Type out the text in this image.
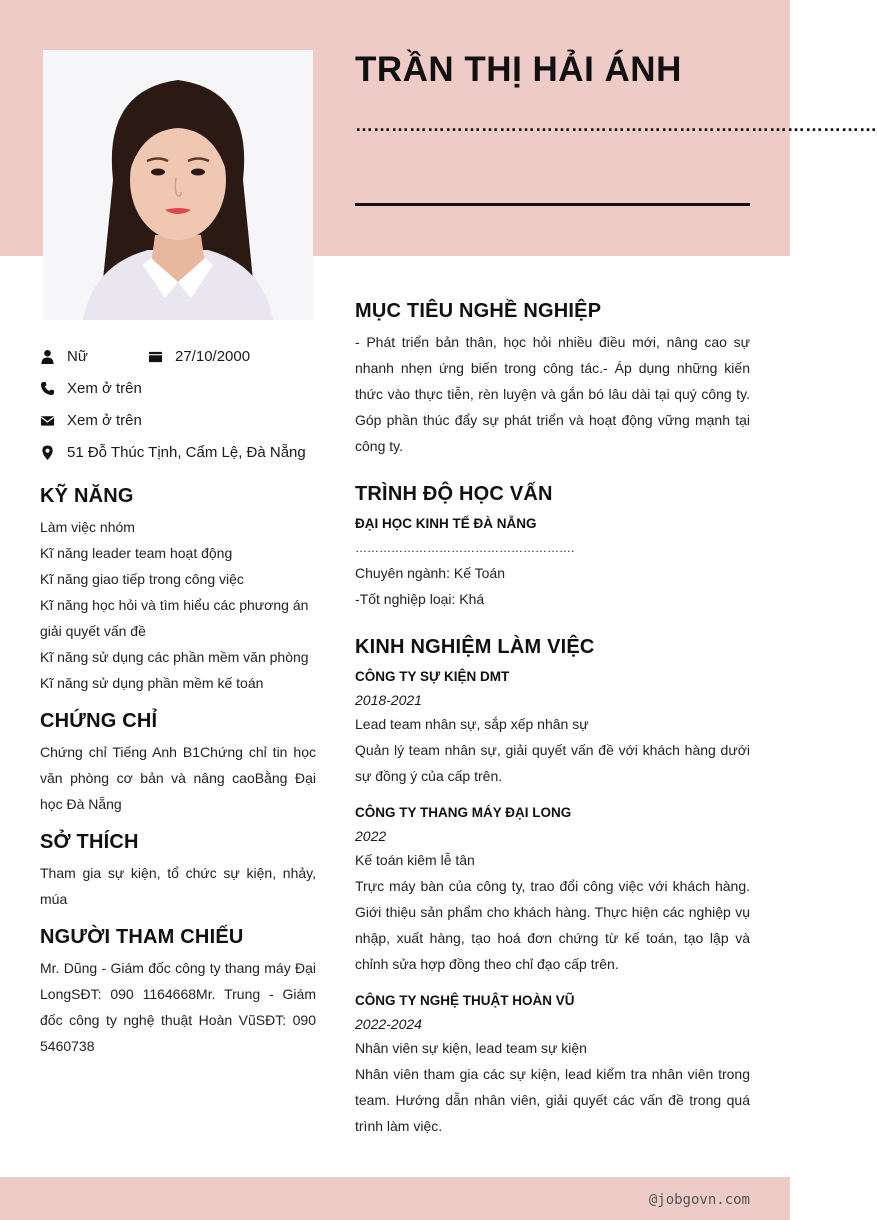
TRẦN THỊ HẢI ÁNH
……………………………………………………………………………
Nữ	27/10/2000
Xem ở trên
Xem ở trên
51 Đỗ Thúc Tịnh, Cẩm Lệ, Đà Nẵng
KỸ NĂNG
Làm việc nhóm
Kĩ năng leader team hoạt động
Kĩ năng giao tiếp trong công việc
Kĩ năng học hỏi và tìm hiểu các phương án giải quyết vấn đề
Kĩ năng sử dụng các phần mềm văn phòng
Kĩ năng sử dụng phần mềm kế toán
CHỨNG CHỈ
Chứng chỉ Tiếng Anh B1Chứng chỉ tin học văn phòng cơ bản và nâng caoBằng Đại học Đà Nẵng
SỞ THÍCH
Tham gia sự kiện, tổ chức sự kiện, nhảy, múa
NGƯỜI THAM CHIẾU
Mr. Dũng - Giám đốc công ty thang máy Đại LongSĐT: 090 1164668Mr. Trung - Giám đốc công ty nghệ thuật Hoàn VũSĐT: 090 5460738
MỤC TIÊU NGHỀ NGHIỆP
- Phát triển bản thân, học hỏi nhiều điều mới, nâng cao sự nhanh nhẹn ứng biến trong công tác.- Áp dụng những kiến thức vào thực tiễn, rèn luyện và gắn bó lâu dài tại quý công ty. Góp phần thúc đẩy sự phát triển và hoạt động vững mạnh tại công ty.
TRÌNH ĐỘ HỌC VẤN
ĐẠI HỌC KINH TẾ ĐÀ NẴNG
……………………………………………….
Chuyên ngành: Kế Toán
-Tốt nghiệp loại: Khá
KINH NGHIỆM LÀM VIỆC
CÔNG TY SỰ KIỆN DMT
2018-2021
Lead team nhân sự, sắp xếp nhân sự
Quản lý team nhân sự, giải quyết vấn đề với khách hàng dưới sự đồng ý của cấp trên.
CÔNG TY THANG MÁY ĐẠI LONG
2022
Kế toán kiêm lễ tân
Trực máy bàn của công ty, trao đổi công việc với khách hàng. Giới thiệu sản phẩm cho khách hàng. Thực hiện các nghiệp vụ nhập, xuất hàng, tạo hoá đơn chứng từ kế toán, tạo lập và chỉnh sửa hợp đồng theo chỉ đạo cấp trên.
CÔNG TY NGHỆ THUẬT HOÀN VŨ
2022-2024
Nhân viên sự kiện, lead team sự kiện
Nhân viên tham gia các sự kiện, lead kiểm tra nhân viên trong team. Hướng dẫn nhân viên, giải quyết các vấn đề trong quá trình làm việc.
@jobgovn.com
